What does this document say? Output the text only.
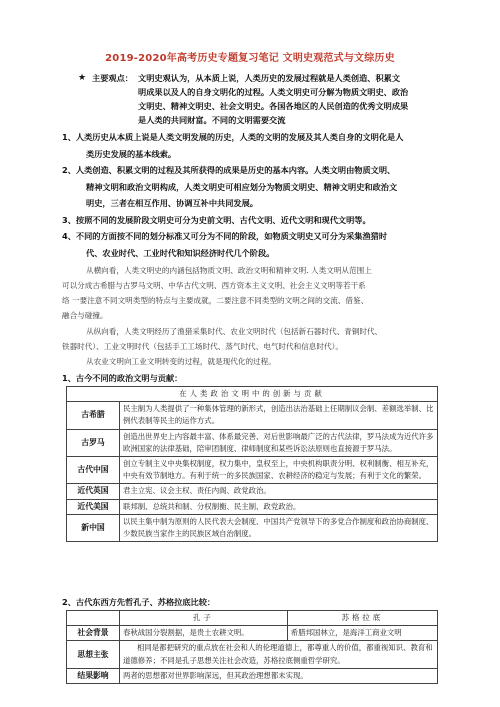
2019-2020年高考历史专题复习笔记 文明史观范式与文综历史
★ 主要观点： 文明史观认为，从本质上说，人类历史的发展过程就是人类创造、积累文
明成果以及人的自身文明化的过程。人类文明史可分解为物质文明史、政治
文明史、精神文明史、社会文明史。各国各地区的人民创造的优秀文明成果
是人类的共同财富。不同的文明需要交流
1、人类历史从本质上说是人类文明发展的历史，人类的文明的发展及其人类自身的文明化是人
类历史发展的基本线索。
2、人类创造、积累文明的过程及其所获得的成果是历史的基本内容。人类文明由物质文明、
精神文明和政治文明构成，人类文明史可相应划分为物质文明史、精神文明史和政治文
明史，三者在相互作用、协调互补中共同发展。
3、按照不同的发展阶段文明史可分为史前文明、古代文明、近代文明和现代文明等。
4、不同的方面按不同的划分标准又可分为不同的阶段，如物质文明史又可分为采集渔猎时
代、农业时代、工业时代和知识经济时代几个阶段。
从横向看，人类文明史的内涵包括物质文明、政治文明和精神文明. 人类文明从范围上
可以分成古希腊与古罗马文明、中华古代文明、西方资本主义文明、社会主义文明等若干系
络 一要注意不同文明类型的特点与主要成就，二要注意不同类型的文明之间的交流、借鉴、
融合与碰撞。
从纵向看，人类文明经历了渔猎采集时代、农业文明时代（包括新石器时代、青铜时代、
铁器时代）、工业文明时代（包括手工工场时代、蒸气时代、电气时代和信息时代）。
从农业文明向工业文明转变的过程，就是现代化的过程。
1、古今不同的政治文明与贡献：
在人类政治文明中的创新与贡献	
古希腊	民主制为人类提供了一种集体管理的新形式，创造出法治基础上任期制议会制、差额选举制、比例代表制等民主的运作方式。
古罗马	创造出世界史上内容最丰富、体系最完善、对后世影响最广泛的古代法律，罗马法成为近代许多欧洲国家的法律基础，陪审团制度、律师制度和某些诉讼法原则也直接源于罗马法。
古代中国	创立专制主义中央集权制度，权力集中，皇权至上，中央机构职责分明、权利制衡、相互补充，中央有效节制地方。有利于统一的多民族国家、农耕经济的稳定与发展；有利于文化的繁荣。
近代英国	君主立宪、议会主权、责任内阁、政党政治。
近代美国	联邦制、总统共和制、分权制衡、民主制、政党政治。
新中国	以民主集中制为原则的人民代表大会制度、中国共产党领导下的多党合作制度和政治协商制度、少数民族当家作主的民族区域自治制度。
2、古代东西方先哲孔子、苏格拉底比较：
	孔子	苏格拉底
社会背景	春秋战国分裂割据，是贵土农耕文明。	希腊邦国林立，是海洋工商业文明
思想主张	相同是都把研究的重点放在社会和人的伦理道德上，都尊重人的价值，都重视知识、教育和道德修养；不同是孔子思想关注社会改造，苏格拉底侧重哲学研究。	
结果影响	两者的思想都对世界影响深远，但其政治理想都未实现。	
